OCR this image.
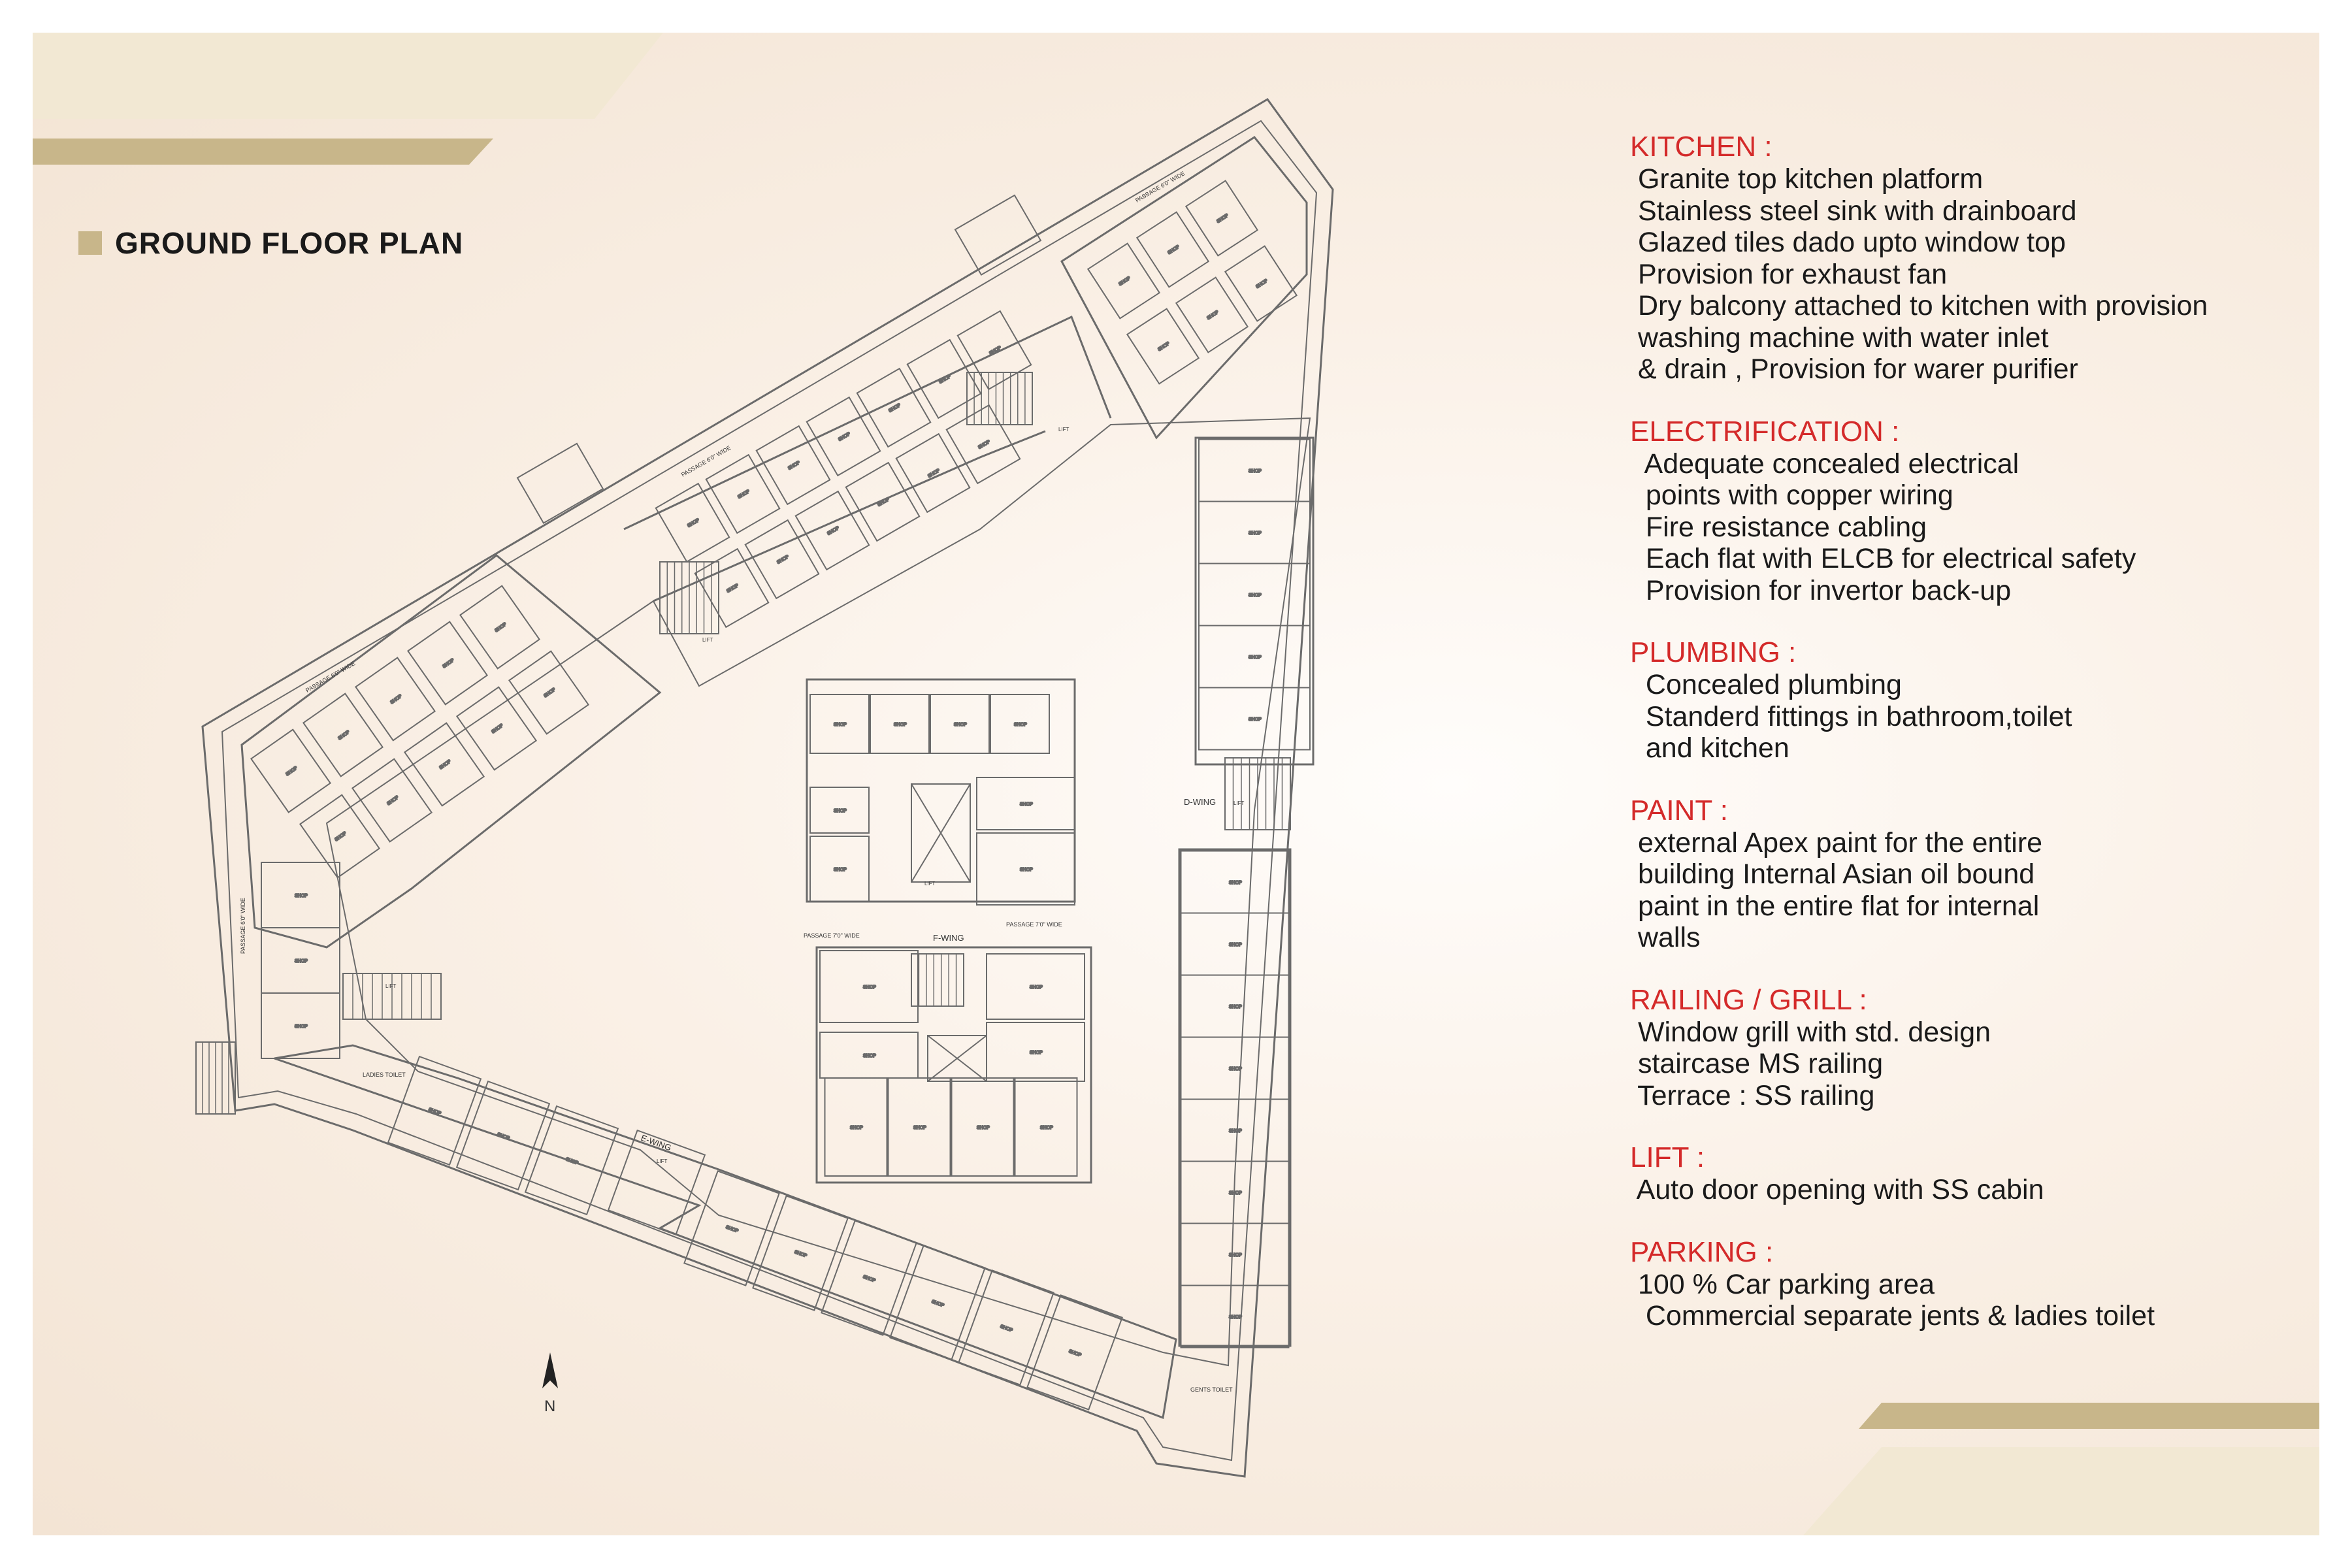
GROUND FLOOR PLAN
SHOP
SHOP
SHOP
SHOP
SHOP
SHOP
SHOP
SHOP
SHOP
SHOP
SHOP
SHOP
SHOP
SHOP
SHOP
SHOP
SHOP
SHOP
SHOP
SHOP
SHOP
SHOP
SHOP
SHOP
SHOP
SHOP
SHOP
SHOP
SHOP
SHOP	SHOP	SHOP	SHOP
SHOP
SHOP
SHOP
SHOP
SHOP
SHOP
SHOP
SHOP
SHOP	SHOP	SHOP	SHOP
SHOP
SHOP
SHOP
SHOP
SHOP
SHOP
SHOP
SHOP
SHOP
SHOP
SHOP
SHOP
SHOP
SHOP
SHOP
SHOP
SHOP
SHOP
SHOP
SHOP
SHOP
SHOP
SHOP
SHOP
SHOP
E-WING
F-WING
D-WING
LADIES TOILET
GENTS TOILET
PASSAGE 6'0" WIDE
PASSAGE 6'0" WIDE
PASSAGE 6'0" WIDE
PASSAGE 6'0" WIDE
PASSAGE 7'0" WIDE
PASSAGE 7'0" WIDE
LIFT
LIFT
LIFT
LIFT
LIFT
LIFT
N
KITCHEN :
Granite top kitchen platform
Stainless steel sink with drainboard
Glazed tiles dado upto window top
Provision for exhaust fan
Dry balcony attached to kitchen with provision
washing machine with water inlet
& drain , Provision for warer purifier
ELECTRIFICATION :
Adequate concealed electrical
points with copper wiring
Fire resistance cabling
Each flat with ELCB for electrical safety
Provision for invertor back-up
PLUMBING :
Concealed plumbing
Standerd fittings in bathroom,toilet
and kitchen
PAINT :
external Apex paint for the entire
building Internal Asian oil bound
paint in the entire flat for internal
walls
RAILING / GRILL :
Window grill with std. design
staircase MS railing
Terrace : SS railing
LIFT :
Auto door opening with SS cabin
PARKING :
100 % Car parking area
Commercial separate jents & ladies toilet
